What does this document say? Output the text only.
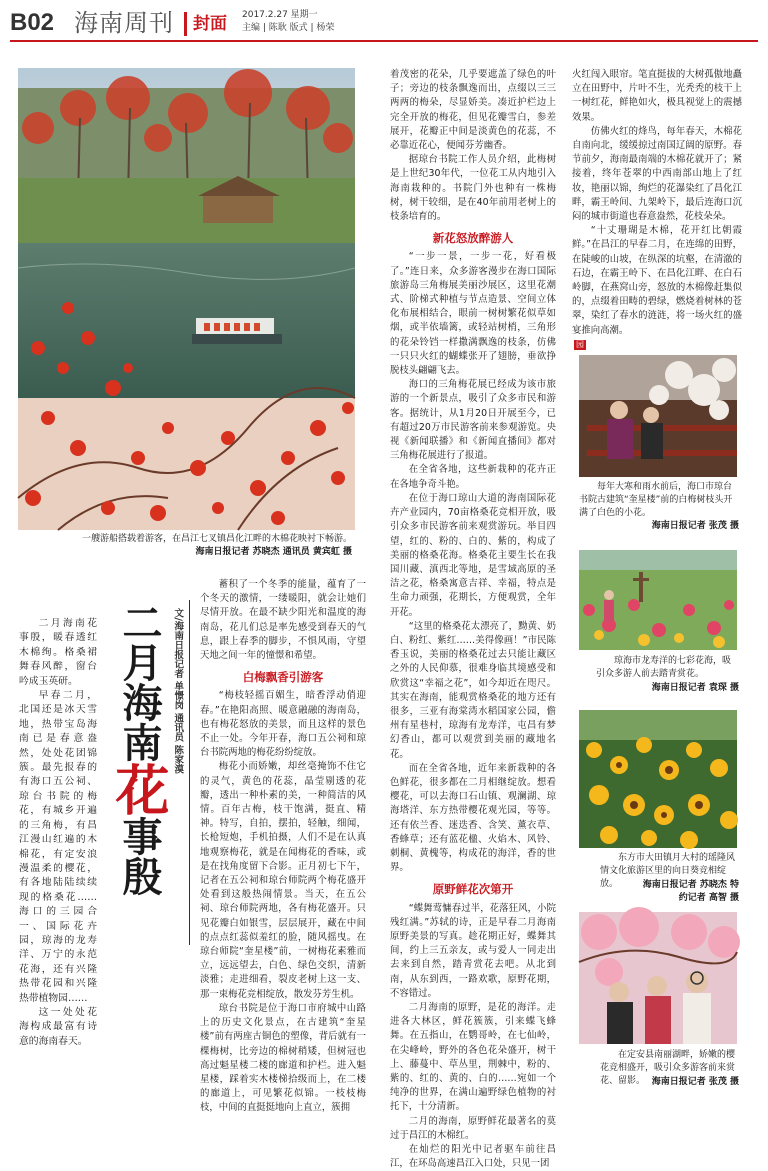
B02 海南周刊	封面 2017.2.27 星期一
主编 | 陈耿 版式 | 杨荣
一艘游船搭载着游客，在昌江七叉镇昌化江畔的木棉花映衬下畅游。
海南日报记者 苏晓杰 通讯员 黄宾虹 摄
二月海南花事殷
文/海南日报记者 单憬岗 通讯员 陈家漠

二月海南花事殷，暖春透红木棉绚。格桑裙舞春风醉，窗台吟成玉英研。

早春二月，北国还是冰天雪地，热带宝岛海南已是春意盎然，处处花团锦簇。最先报春的有海口五公祠、琼台书院的梅花，有城乡开遍的三角梅，有昌江漫山红遍的木棉花，有定安浪漫温柔的樱花，有各地陆陆续续现的格桑花……海口的三园合一、国际花卉园，琼海的龙寿洋、万宁的永范花海，还有兴隆热带花园和兴隆热带植物园……

这一处处花海构成最富有诗意的海南春天。

蓄积了一个冬季的能量，蕴育了一个冬天的激情，一缕暖阳，就会让她们尽情开放。在最不缺少阳光和温度的海南岛，花儿们总是率先感受到春天的气息，跟上春季的脚步，不惧风雨，守望天地之间一年的憧憬和希望。

白梅飘香引游客

“梅枝轻摇百媚生，暗香浮动俏迎春。”在艳阳高照、暖意融融的海南岛，也有梅花怒放的美景，而且这样的景色不止一处。今年开春，海口五公祠和琼台书院两地的梅花纷纷绽放。

梅花小而娇嫩，却丝毫掩饰不住它的灵气，黄色的花蕊，晶莹剔透的花瓣，透出一种朴素的美，一种简洁的风情。百年古梅，枝干饱满，挺直、精神。特写，自拍，摆拍，轻触，细闻，长枪短炮，手机拍摄，人们不是在认真地观察梅花，就是在闻梅花的香味，或是在找角度留下合影。正月初七下午，记者在五公祠和琼台师院两个梅花盛开处看到这般热闹情景。当天，在五公祠、琼台师院两地，各有梅花盛开。只见花瓣白如银雪，层层展开，藏在中间的点点红蕊似羞红的脸，随风摇曳。在琼台师院“奎星楼”前，一树梅花素雅而立，远远望去，白色、绿色交织，清新淡雅；走进细看，裂皮老树上这一支、那一束梅花竞相绽放，散发芬芳生机。

琼台书院是位于海口市府城中山路上的历史文化景点，在古建筑“奎星楼”前有两座古铜色的塑像，背后就有一棵梅树，比旁边的棉树稍矮，但树冠也高过魁星楼二楼的廊道和护栏。进入魁星楼，踩着实木楼梯拾级而上，在二楼的廊道上，可见繁花似锦。一枝枝梅枝，中间的直挺挺地向上直立，簇拥

着茂密的花朵，几乎要遮盖了绿色的叶子；旁边的枝条飘逸而出，点缀以三三两两的梅朵，尽显娇美。凑近护栏边上完全开放的梅花，但见花瓣雪白，参差展开，花瓣正中间是淡黄色的花蕊，不必靠近花心，便闻芬芳幽香。

据琼台书院工作人员介绍，此梅树是上世纪30年代，一位花工从内地引入海南栽种的。书院门外也种有一株梅树，树干较细，是在40年前用老树上的枝条培育的。

新花怒放醉游人

“一步一景，一步一花，好看极了。”连日来，众多游客漫步在海口国际旅游岛三角梅展美丽沙展区，这里花潮式、阶梯式种植与节点造景、空间立体化布展相结合，眼前一树树繁花似草如烟，或半依墙篱，或轻站树梢，三角形的花朵铃铛一样撒满飘逸的枝条，仿佛一只只火红的蝴蝶张开了翅膀，垂欲挣脱枝头翩翩飞去。

海口的三角梅花展已经成为该市旅游的一个新景点，吸引了众多市民和游客。据统计，从1月20日开展至今，已有超过20万市民游客前来参观游览。央视《新闻联播》和《新闻直播间》都对三角梅花展进行了报道。

在全省各地，这些新栽种的花卉正在各地争奇斗艳。

在位于海口琼山大道的海南国际花卉产业园内，70亩格桑花竞相开放，吸引众多市民游客前来观赏游玩。举目四望，红的、粉的、白的、紫的，构成了美丽的格桑花海。格桑花主要生长在我国川藏、滇西北等地，是雪域高原的圣洁之花，格桑寓意吉祥、幸福，特点是生命力顽强，花期长，方便观赏，全年开花。

“这里的格桑花太漂亮了，黝黄、奶白、粉红、紫红……美得像画！”市民陈香玉说，美丽的格桑花过去只能让藏区之外的人民仰慕，很难身临其境感受和欣赏这“幸福之花”，如今却近在咫尺。其实在海南，能观赏格桑花的地方还有很多，三亚有海棠湾水稻国家公园，儋州有星巷村，琼海有龙寿洋，屯昌有梦幻香山，都可以观赏到美丽的藏地名花。

而在全省各地，近年来新栽种的各色鲜花，很多都在二月相继绽放。想看樱花，可以去海口石山镇、观澜湖、琼海塔洋、东方热带樱花观光园，等等。还有依兰香、迷迭香、含笑、薰衣草、香蜂草；还有蓝花楹、火焰木、风铃、刺桐、黄槐等，构成花的海洋，香的世界。

原野鲜花次第开

“蝶舞莺慵春过半，花落狂风，小院残红满。”苏轼的诗，正是早春二月海南原野美景的写真。趁花期正好，蝶舞其间，约上三五亲友，或与爱人一同走出去来到自然，踏青赏花去吧。从北到南，从东到西，一路欢歌，原野花期，不容错过。

二月海南的原野，是花的海洋。走进各大林区，鲜花簇簇，引来蝶飞蜂舞。在五指山，在鹦哥岭，在七仙岭，在尖峰岭，野外的各色花朵盛开，树干上、藤蔓中、草丛里，荆棘中，粉的、紫的、红的、黄的、白的……宛如一个纯净的世界，在满山遍野绿色植物的衬托下，十分清新。

二月的海南，原野鲜花最著名的莫过于昌江的木棉红。

在灿烂的阳光中记者驱车前往昌江，在环岛高速昌江入口处，只见一团

火红闯入眼帘。笔直挺拔的大树孤傲地矗立在田野中，片叶不生，光秃秃的枝干上一树红花，鲜艳如火，极具视觉上的震撼效果。

仿佛火红的烽鸟，每年春天，木棉花自南向北，缓缓掠过南国辽阔的原野。春节前夕，海南最南端的木棉花就开了；紧接着，终年苍翠的中西南部山地上了红妆，艳丽以锦，绚烂的花瀑染红了昌化江畔，霸王岭间、九架岭下，最后连海口沉闷的城市街道也春意盎然，花枝朵朵。

“十丈珊瑚是木棉，花开红比朝霞鲜。”在昌江的早春二月，在连绵的田野，在陡峻的山坡，在纵深的坑壑，在清澈的石边，在霸王岭下、在昌化江畔、在白石岭脚，在燕窝山旁，怒放的木棉像赶集似的，点缀着田畴的碧绿，燃烧着树林的苍翠，染红了春水的涟涟，将一场火红的盛宴推向高潮。

园
每年大寒和雨水前后，海口市琼台书院古建筑“奎星楼”前的白梅树枝头开满了白色的小花。
海南日报记者 张茂 摄
琼海市龙寿洋的七彩花海，吸引众多游人前去踏青赏花。
海南日报记者 袁琛 摄
东方市大田镇月大村的瑶隆风情文化旅游区里的向日葵竞相绽放。	海南日报记者 苏晓杰 特约记者 高智 摄
在定安县南丽湖畔，娇嫩的樱花竞相盛开，吸引众多游客前来赏花、留影。 海南日报记者 张茂 摄
